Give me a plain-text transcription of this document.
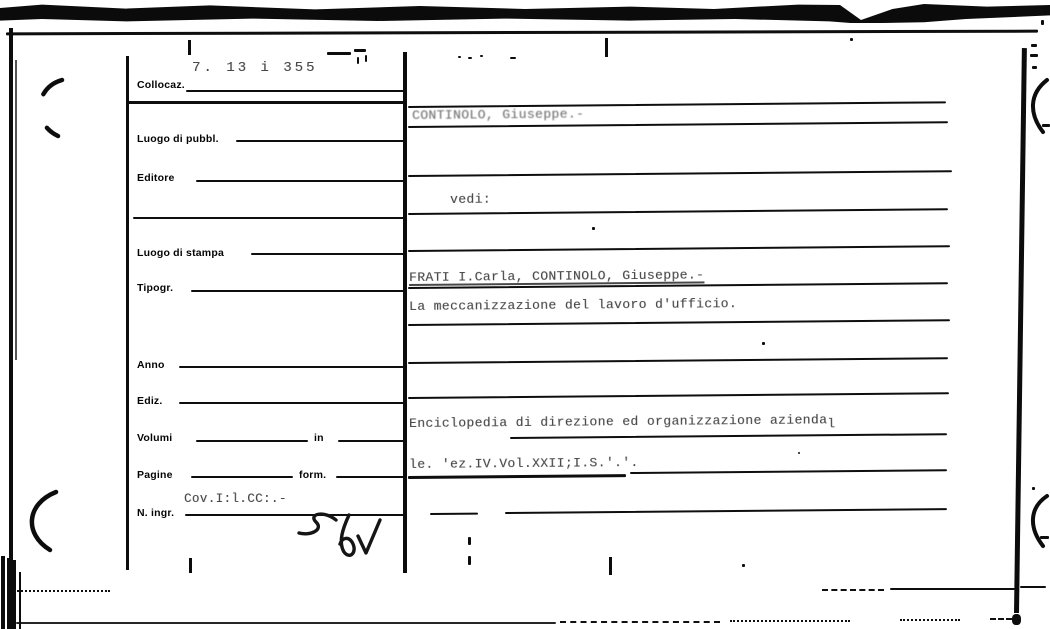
Collocaz.
Luogo di pubbl.
Editore
Luogo di stampa
Tipogr.
Anno
Ediz.
Volumi	in
Pagine	form.
N. ingr.
7. 13 i 355
Cov.I:l.CC:.-
CONTINOLO, Giuseppe.-
vedi:
FRATI I.Carla, CONTINOLO, Giuseppe.-
La meccanizzazione del lavoro d'ufficio.
Enciclopedia di direzione ed organizzazione aziendal
le. 'ez.IV.Vol.XXII;I.S.'.'.
